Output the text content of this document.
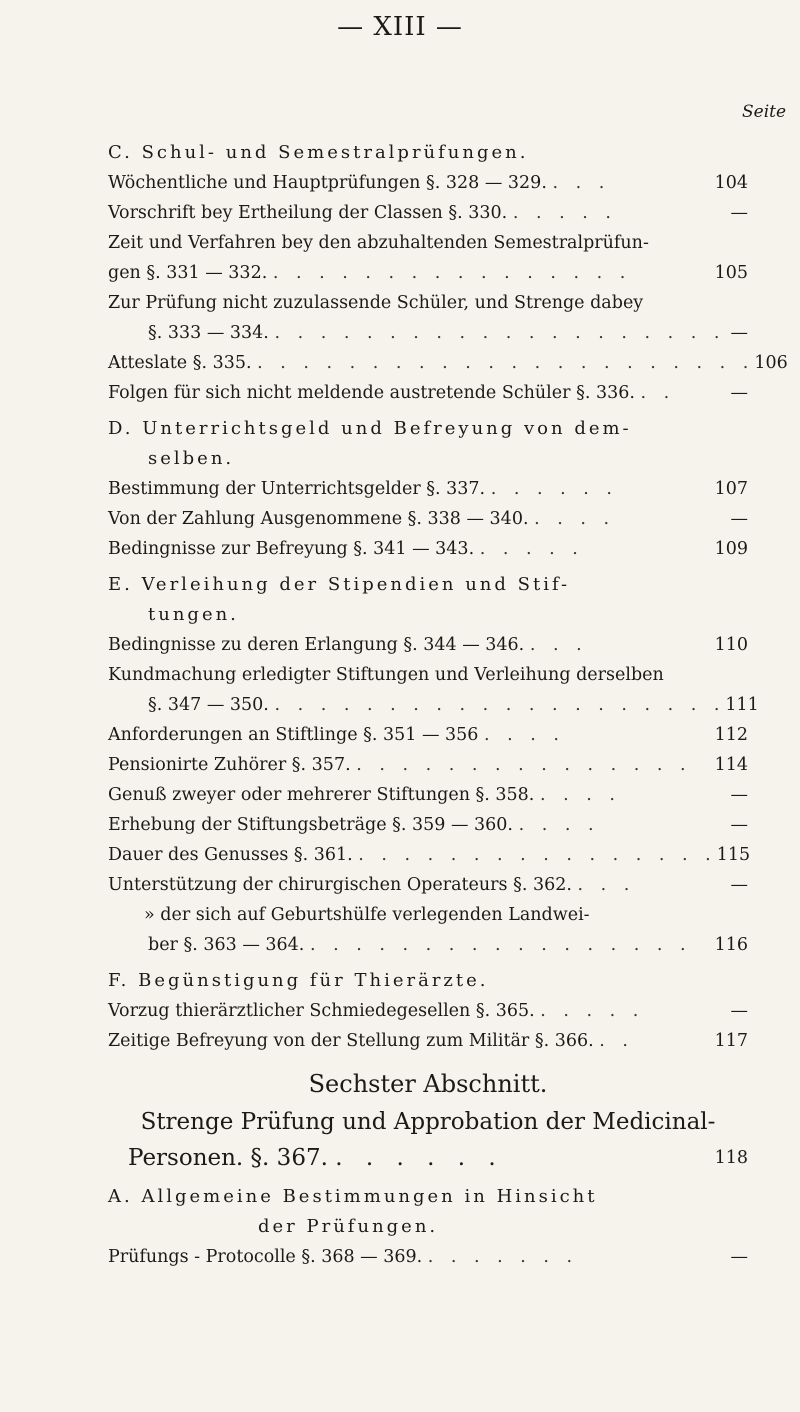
— XIII —
Seite
C. Schul- und Semestralprüfungen.
Wöchentliche und Hauptprüfungen §. 328 — 329. . . .	104
Vorschrift bey Ertheilung der Classen §. 330. . . . . .	—
Zeit und Verfahren bey den abzuhaltenden Semestralprüfun-
gen §. 331 — 332. . . . . . . . . . . . . . . . .	105
Zur Prüfung nicht zuzulassende Schüler, und Strenge dabey
§. 333 — 334. . . . . . . . . . . . . . . . . . . . . —
Atteslate §. 335. . . . . . . . . . . . . . . . . . . . . . . 106
Folgen für sich nicht meldende austretende Schüler §. 336. . .	—
D. Unterrichtsgeld und Befreyung von dem-
selben.
Bestimmung der Unterrichtsgelder §. 337. . . . . . .	107
Von der Zahlung Ausgenommene §. 338 — 340. . . . .	—
Bedingnisse zur Befreyung §. 341 — 343. . . . . .	109
E. Verleihung der Stipendien und Stif-
tungen.
Bedingnisse zu deren Erlangung §. 344 — 346. . . .	110
Kundmachung erledigter Stiftungen und Verleihung derselben
§. 347 — 350. . . . . . . . . . . . . . . . . . . . . 111
Anforderungen an Stiftlinge §. 351 — 356 . . . .	112
Pensionirte Zuhörer §. 357. . . . . . . . . . . . . . . .	114
Genuß zweyer oder mehrerer Stiftungen §. 358. . . . .	—
Erhebung der Stiftungsbeträge §. 359 — 360. . . . .	—
Dauer des Genusses §. 361. . . . . . . . . . . . . . . . . 115
Unterstützung der chirurgischen Operateurs §. 362. . . .	—
» der sich auf Geburtshülfe verlegenden Landwei-
ber §. 363 — 364. . . . . . . . . . . . . . . . . .	116
F. Begünstigung für Thierärzte.
Vorzug thierärztlicher Schmiedegesellen §. 365. . . . . .	—
Zeitige Befreyung von der Stellung zum Militär §. 366. . .	117
Sechster Abschnitt.
Strenge Prüfung und Approbation der Medicinal-
Personen. §. 367. . . . . . .	118
A. Allgemeine Bestimmungen in Hinsicht
der Prüfungen.
Prüfungs - Protocolle §. 368 — 369. . . . . . . .	—
